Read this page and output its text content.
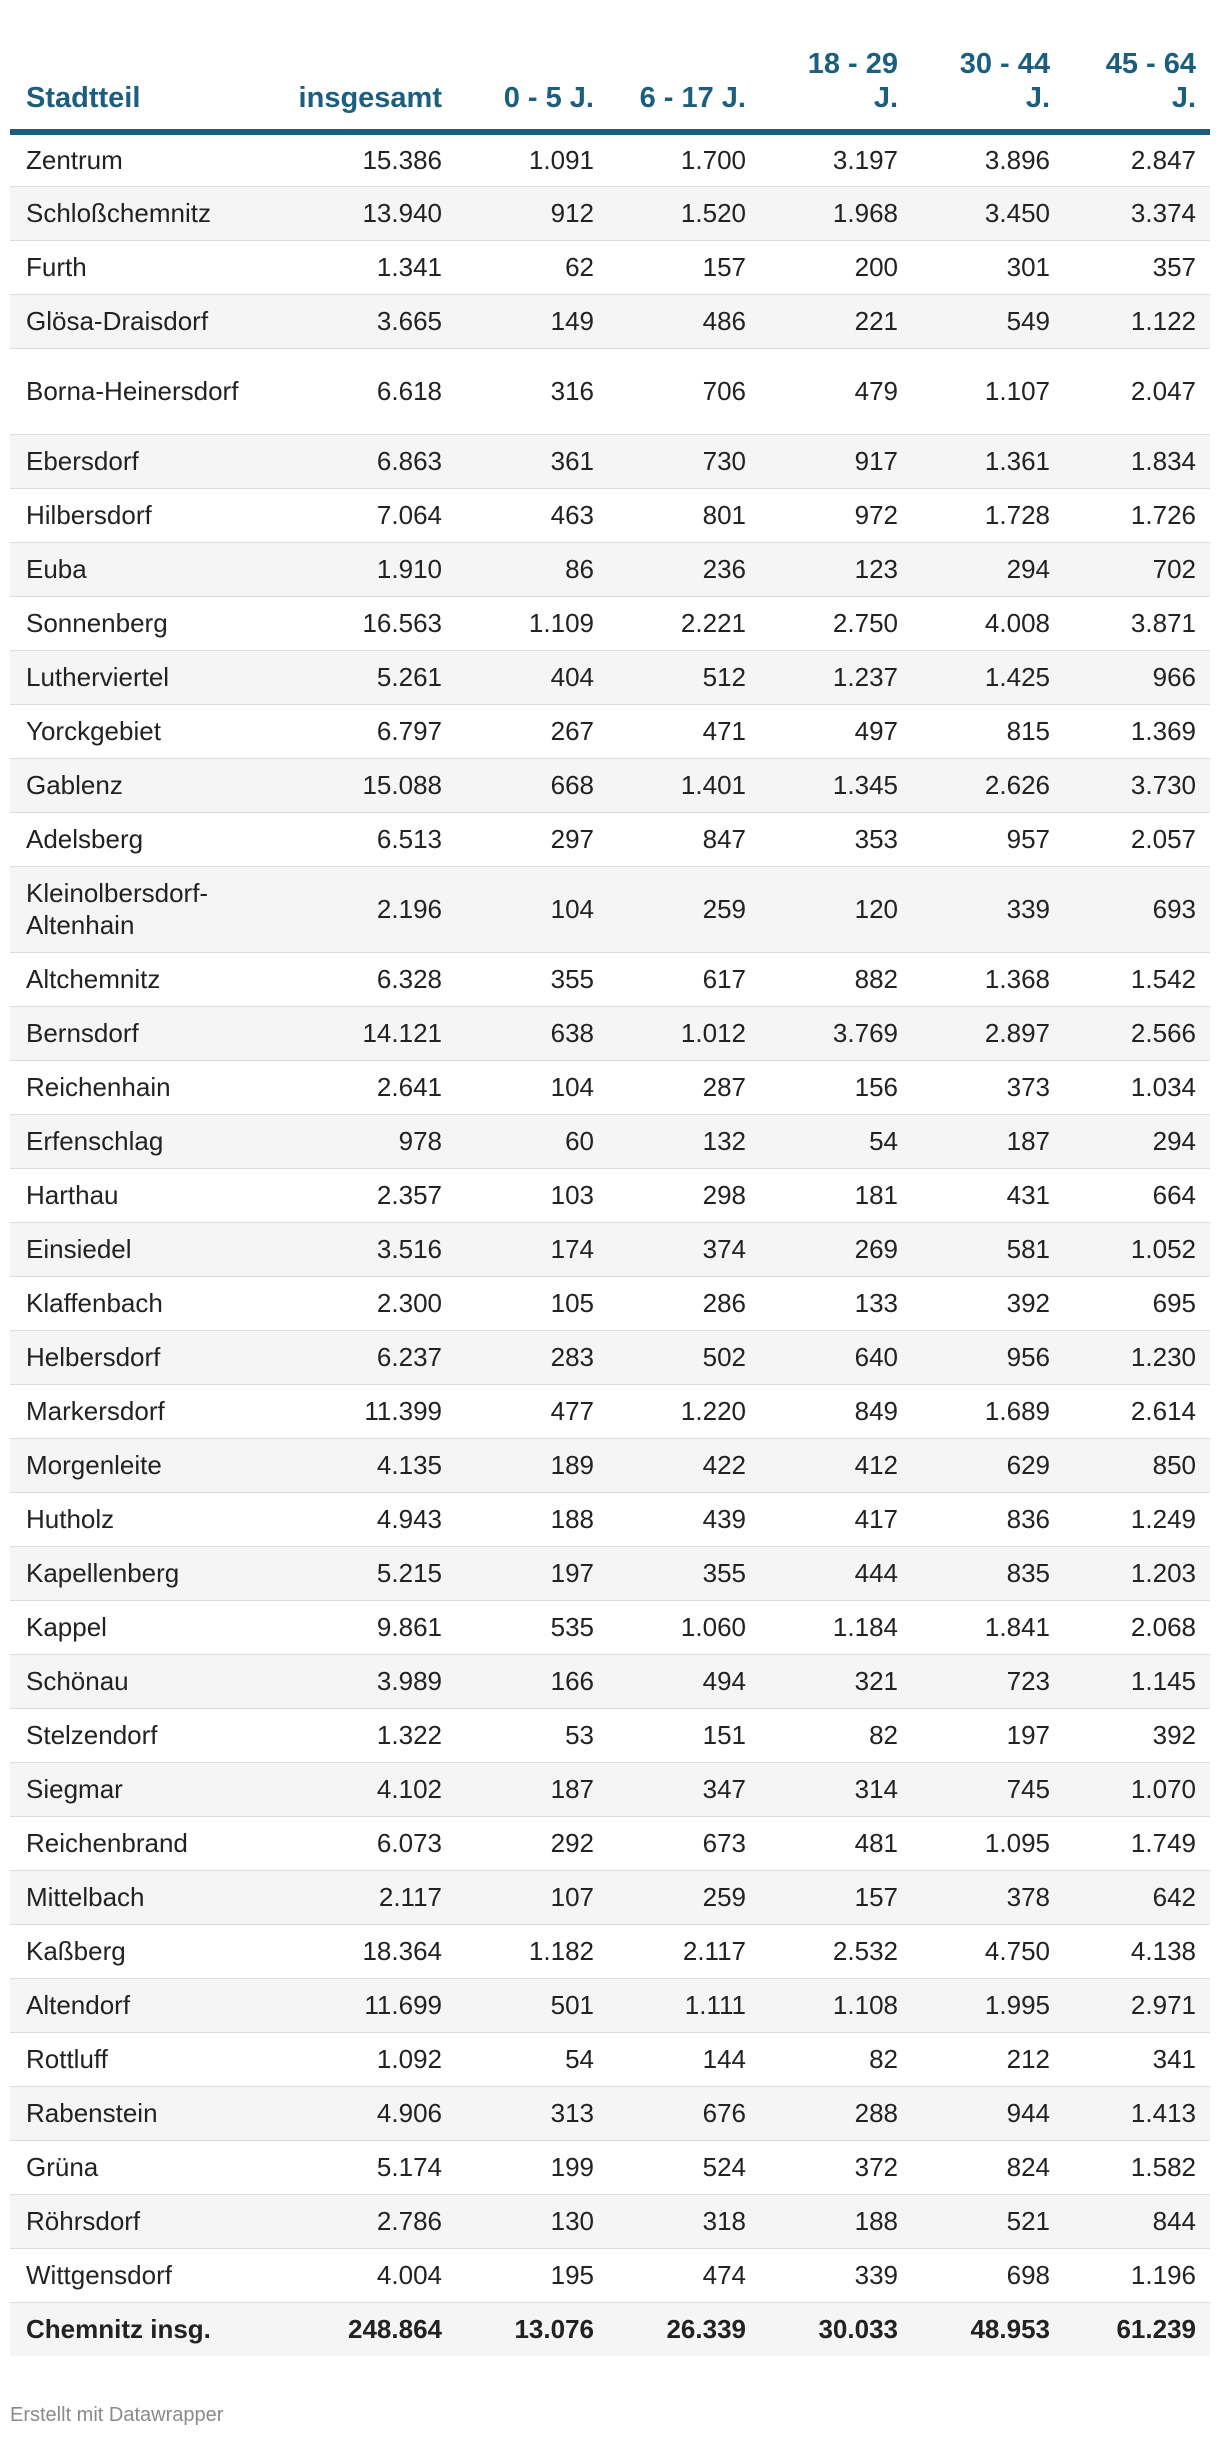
Stadtteil	insgesamt	0 - 5 J.	6 - 17 J.	18 - 29 J.	30 - 44 J.	45 - 64 J.
Zentrum	15.386	1.091	1.700	3.197	3.896	2.847
Schloßchemnitz	13.940	912	1.520	1.968	3.450	3.374
Furth	1.341	62	157	200	301	357
Glösa-Draisdorf	3.665	149	486	221	549	1.122
Borna-Heinersdorf	6.618	316	706	479	1.107	2.047
Ebersdorf	6.863	361	730	917	1.361	1.834
Hilbersdorf	7.064	463	801	972	1.728	1.726
Euba	1.910	86	236	123	294	702
Sonnenberg	16.563	1.109	2.221	2.750	4.008	3.871
Lutherviertel	5.261	404	512	1.237	1.425	966
Yorckgebiet	6.797	267	471	497	815	1.369
Gablenz	15.088	668	1.401	1.345	2.626	3.730
Adelsberg	6.513	297	847	353	957	2.057
Kleinolbersdorf-Altenhain	2.196	104	259	120	339	693
Altchemnitz	6.328	355	617	882	1.368	1.542
Bernsdorf	14.121	638	1.012	3.769	2.897	2.566
Reichenhain	2.641	104	287	156	373	1.034
Erfenschlag	978	60	132	54	187	294
Harthau	2.357	103	298	181	431	664
Einsiedel	3.516	174	374	269	581	1.052
Klaffenbach	2.300	105	286	133	392	695
Helbersdorf	6.237	283	502	640	956	1.230
Markersdorf	11.399	477	1.220	849	1.689	2.614
Morgenleite	4.135	189	422	412	629	850
Hutholz	4.943	188	439	417	836	1.249
Kapellenberg	5.215	197	355	444	835	1.203
Kappel	9.861	535	1.060	1.184	1.841	2.068
Schönau	3.989	166	494	321	723	1.145
Stelzendorf	1.322	53	151	82	197	392
Siegmar	4.102	187	347	314	745	1.070
Reichenbrand	6.073	292	673	481	1.095	1.749
Mittelbach	2.117	107	259	157	378	642
Kaßberg	18.364	1.182	2.117	2.532	4.750	4.138
Altendorf	11.699	501	1.111	1.108	1.995	2.971
Rottluff	1.092	54	144	82	212	341
Rabenstein	4.906	313	676	288	944	1.413
Grüna	5.174	199	524	372	824	1.582
Röhrsdorf	2.786	130	318	188	521	844
Wittgensdorf	4.004	195	474	339	698	1.196
Chemnitz insg.	248.864	13.076	26.339	30.033	48.953	61.239
Erstellt mit Datawrapper
